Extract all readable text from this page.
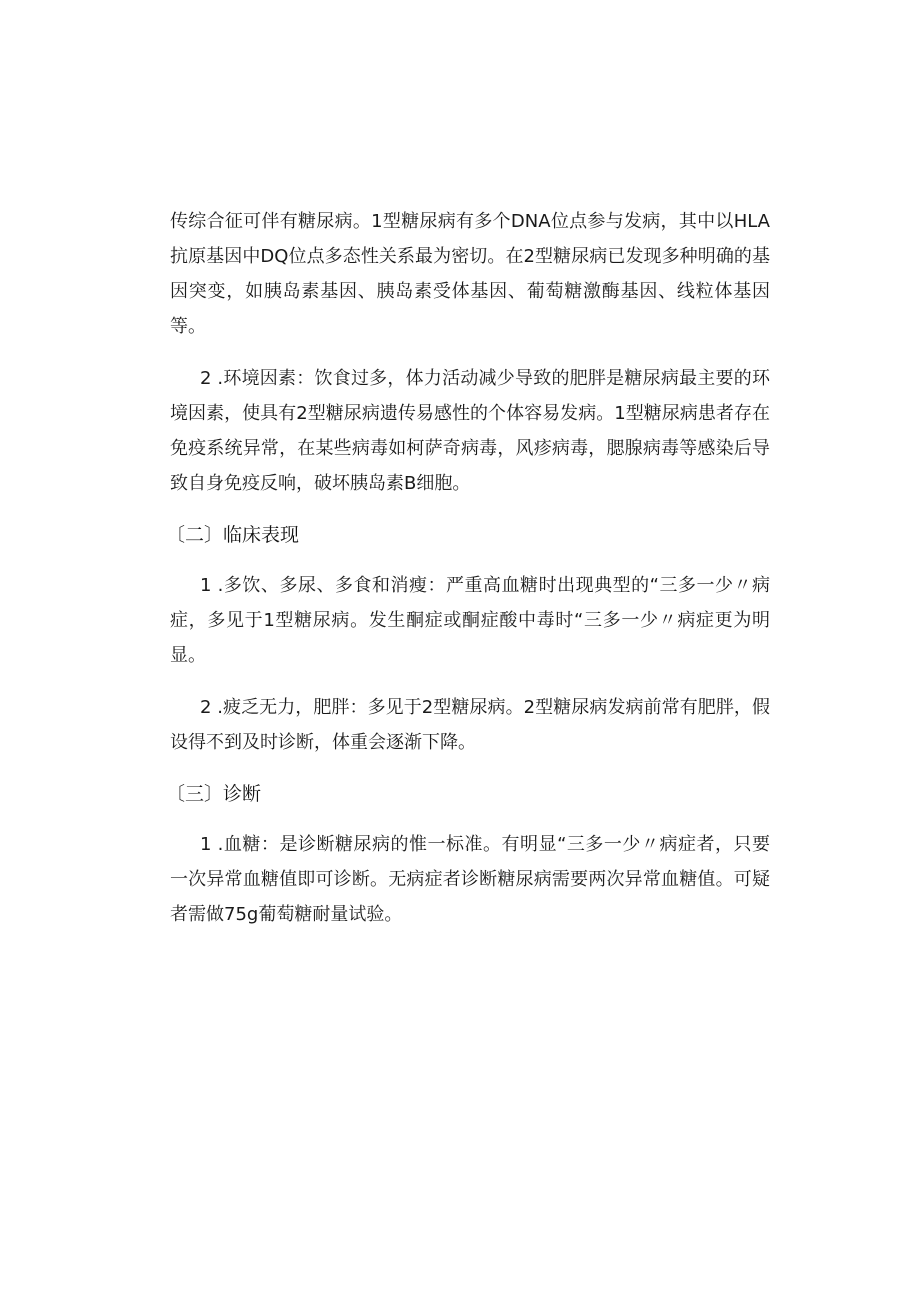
传综合征可伴有糖尿病。1型糖尿病有多个DNA位点参与发病，其中以HLA抗原基因中DQ位点多态性关系最为密切。在2型糖尿病已发现多种明确的基因突变，如胰岛素基因、胰岛素受体基因、葡萄糖激酶基因、线粒体基因等。

2 .环境因素：饮食过多，体力活动减少导致的肥胖是糖尿病最主要的环境因素，使具有2型糖尿病遗传易感性的个体容易发病。1型糖尿病患者存在免疫系统异常，在某些病毒如柯萨奇病毒，风疹病毒，腮腺病毒等感染后导致自身免疫反响，破坏胰岛素B细胞。

〔二〕临床表现

1 .多饮、多尿、多食和消瘦：严重高血糖时出现典型的“三多一少〃病症，多见于1型糖尿病。发生酮症或酮症酸中毒时“三多一少〃病症更为明显。

2 .疲乏无力，肥胖：多见于2型糖尿病。2型糖尿病发病前常有肥胖，假设得不到及时诊断，体重会逐渐下降。

〔三〕诊断

1 .血糖：是诊断糖尿病的惟一标准。有明显“三多一少〃病症者，只要一次异常血糖值即可诊断。无病症者诊断糖尿病需要两次异常血糖值。可疑者需做75g葡萄糖耐量试验。
